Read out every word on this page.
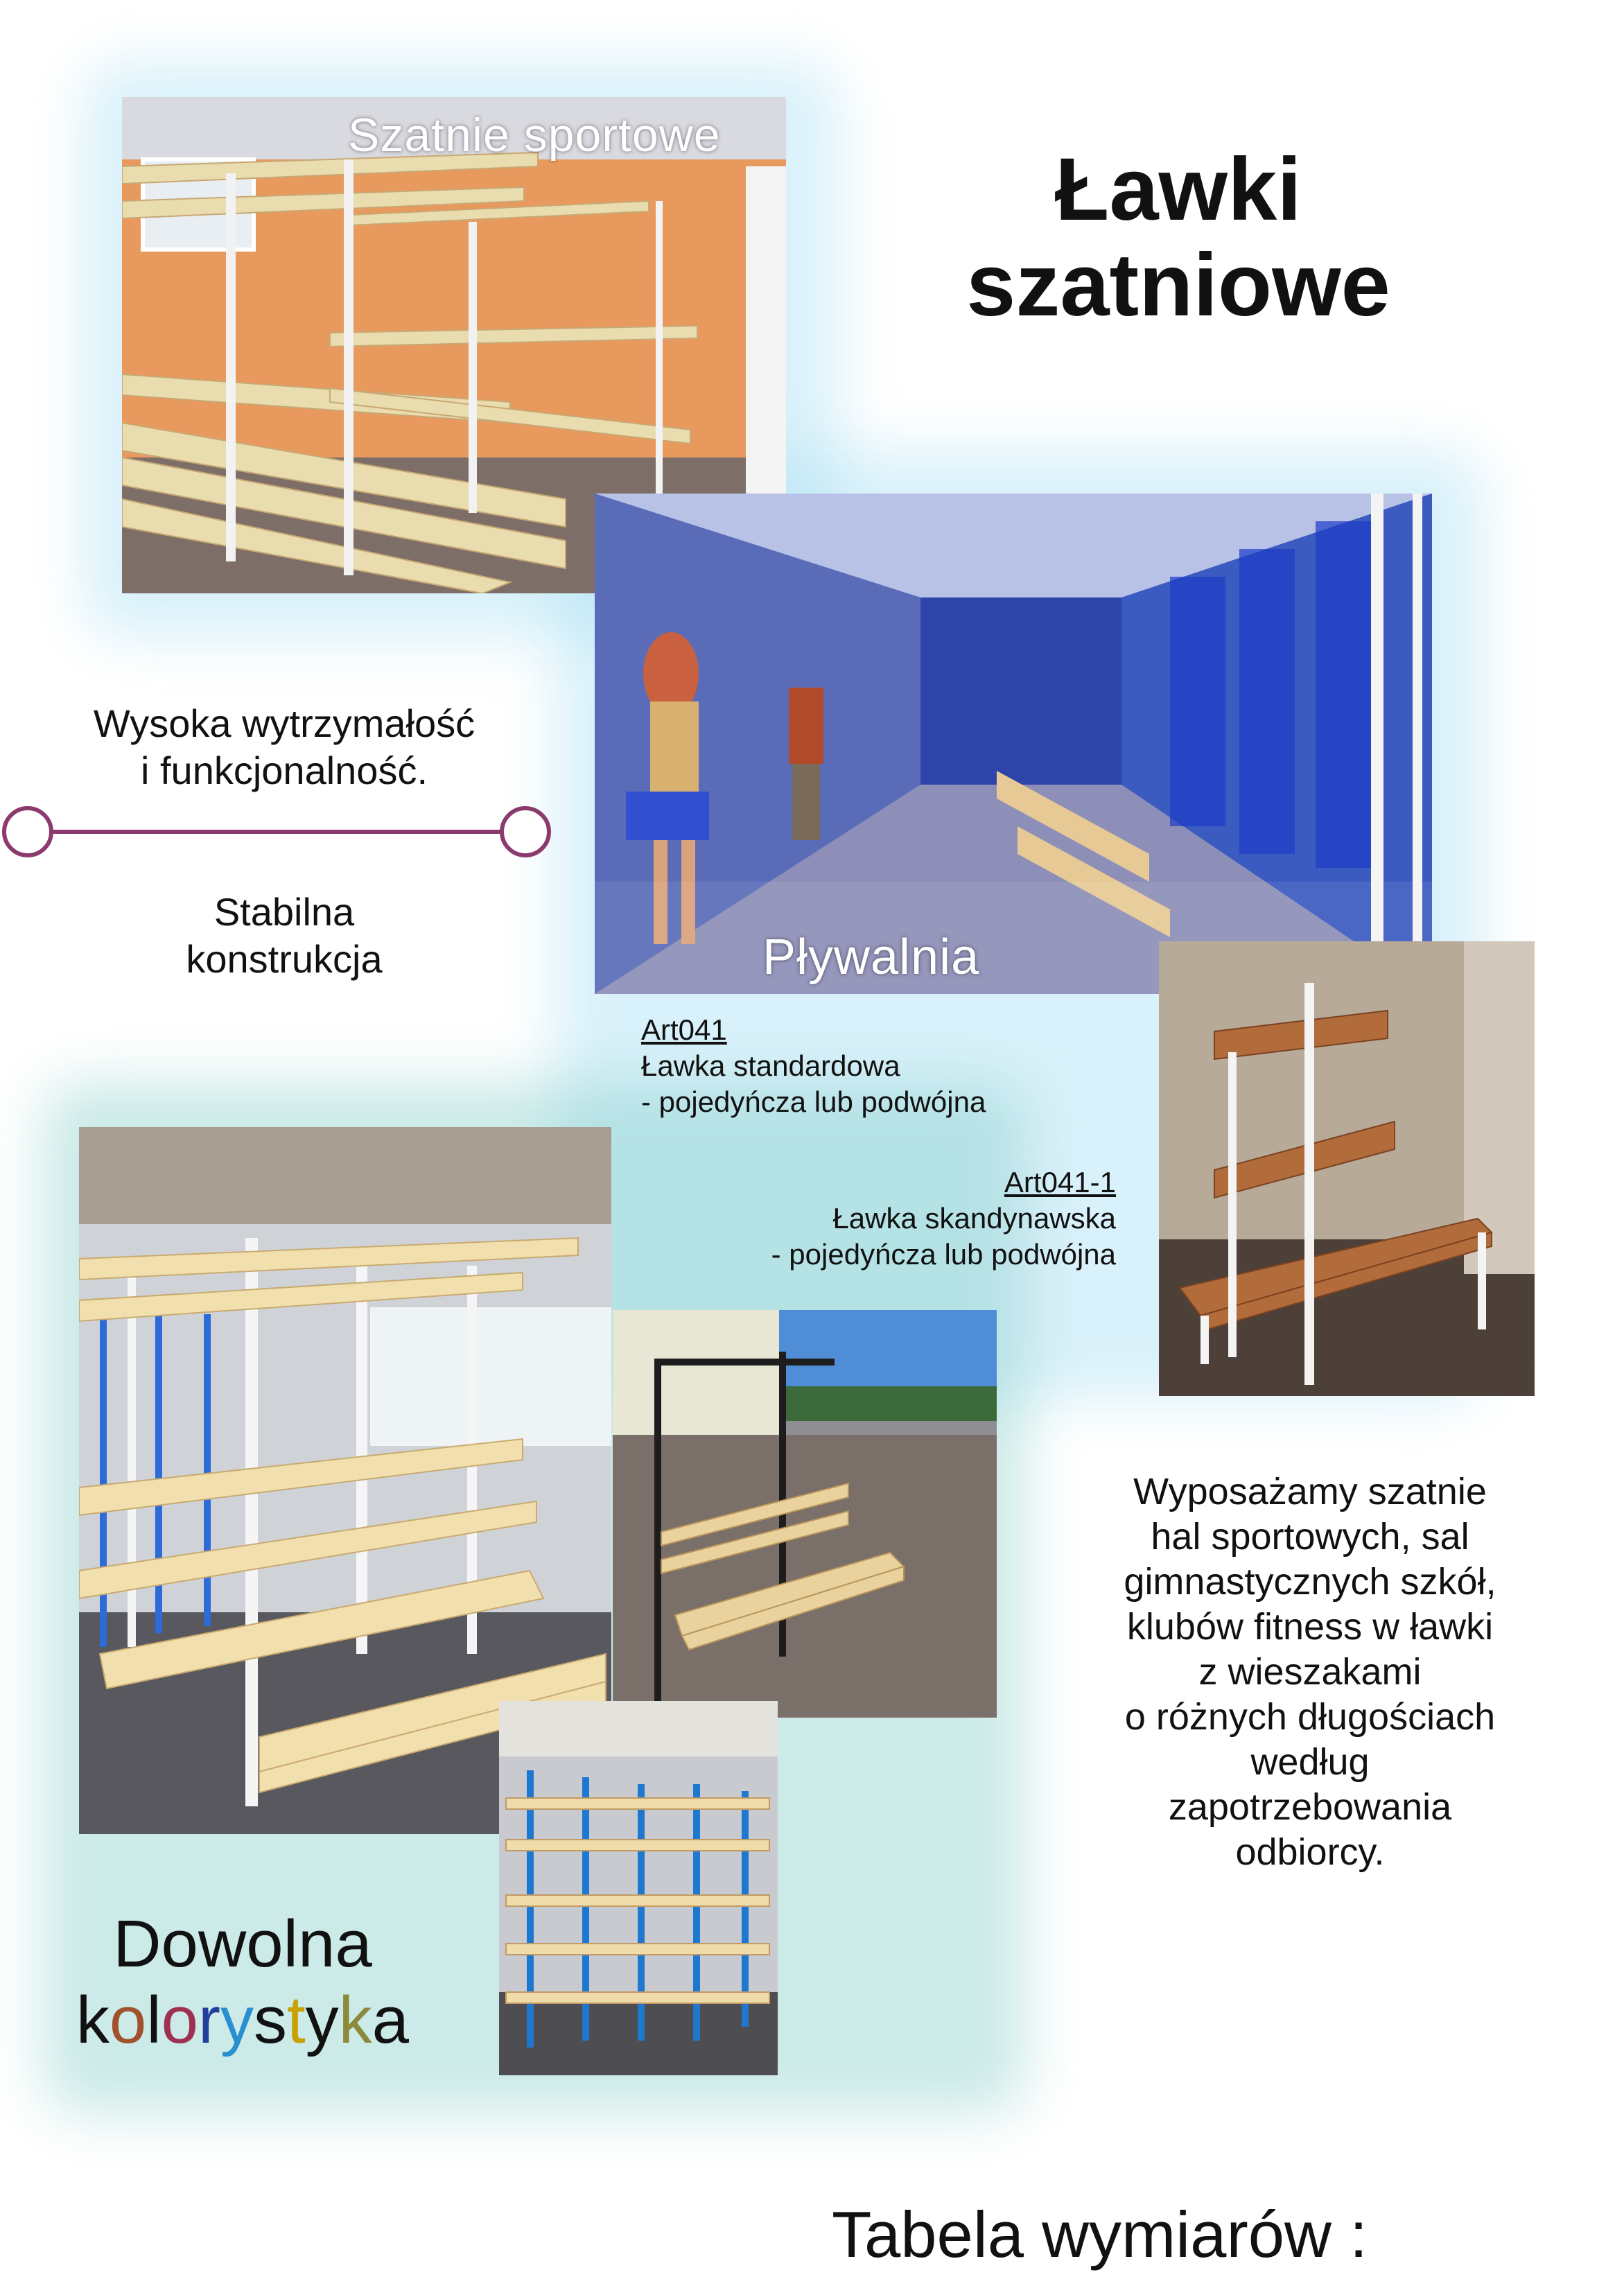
Szatnie sportowe
Ławki
szatniowe
Pływalnia
Wysoka wytrzymałość
i funkcjonalność.
Stabilna
konstrukcja
Art041
Ławka standardowa
- pojedyńcza lub podwójna
Art041-1
Ławka skandynawska
- pojedyńcza lub podwójna
Wyposażamy szatnie
hal sportowych, sal
gimnastycznych szkół,
klubów fitness w ławki
z wieszakami
o różnych długościach
według
zapotrzebowania
odbiorcy.
Dowolna
kolorystyka
Tabela wymiarów :
